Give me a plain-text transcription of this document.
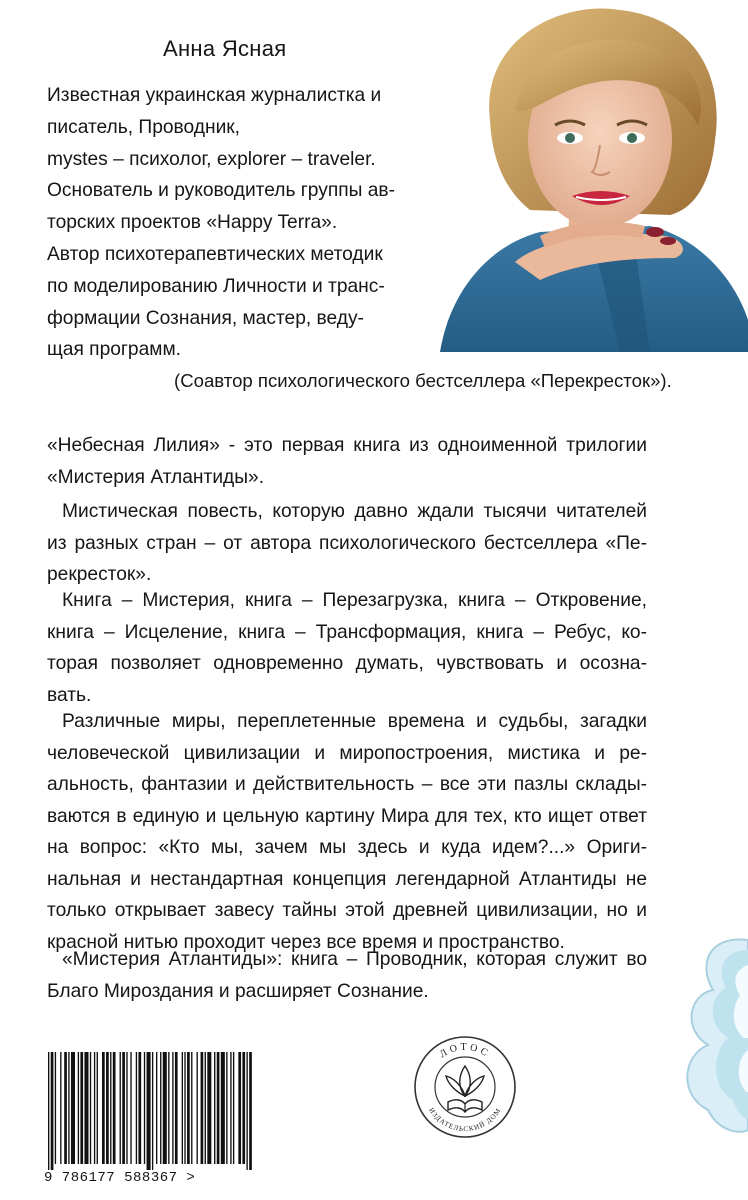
Анна Ясная
Известная украинская журналистка и
писатель, Проводник,
mystes – психолог, explorer – traveler.
Основатель и руководитель группы ав-
торских проектов «Happy Terra».
Автор психотерапевтических методик
по моделированию Личности и транс-
формации Сознания, мастер, веду-
щая программ.
(Соавтор психологического бестселлера «Перекресток»).
«Небесная Лилия» - это первая книга из одноименной трилогии
«Мистерия Атлантиды».
Мистическая повесть, которую давно ждали тысячи читателей
из разных стран – от автора психологического бестселлера «Пе-
рекресток».
Книга – Мистерия, книга – Перезагрузка, книга – Откровение,
книга – Исцеление, книга – Трансформация, книга – Ребус, ко-
торая позволяет одновременно думать, чувствовать и осозна-
вать.
Различные миры, переплетенные времена и судьбы, загадки
человеческой цивилизации и миропостроения, мистика и ре-
альность, фантазии и действительность – все эти пазлы склады-
ваются в единую и цельную картину Мира для тех, кто ищет ответ
на вопрос: «Кто мы, зачем мы здесь и куда идем?...» Ориги-
нальная и нестандартная концепция легендарной Атлантиды не
только открывает завесу тайны этой древней цивилизации, но и
красной нитью проходит через все время и пространство.
«Мистерия Атлантиды»: книга – Проводник, которая служит во
Благо Мироздания и расширяет Сознание.
9 786177 588367 >
ЛОТОС
ИЗДАТЕЛЬСКИЙ ДОМ
